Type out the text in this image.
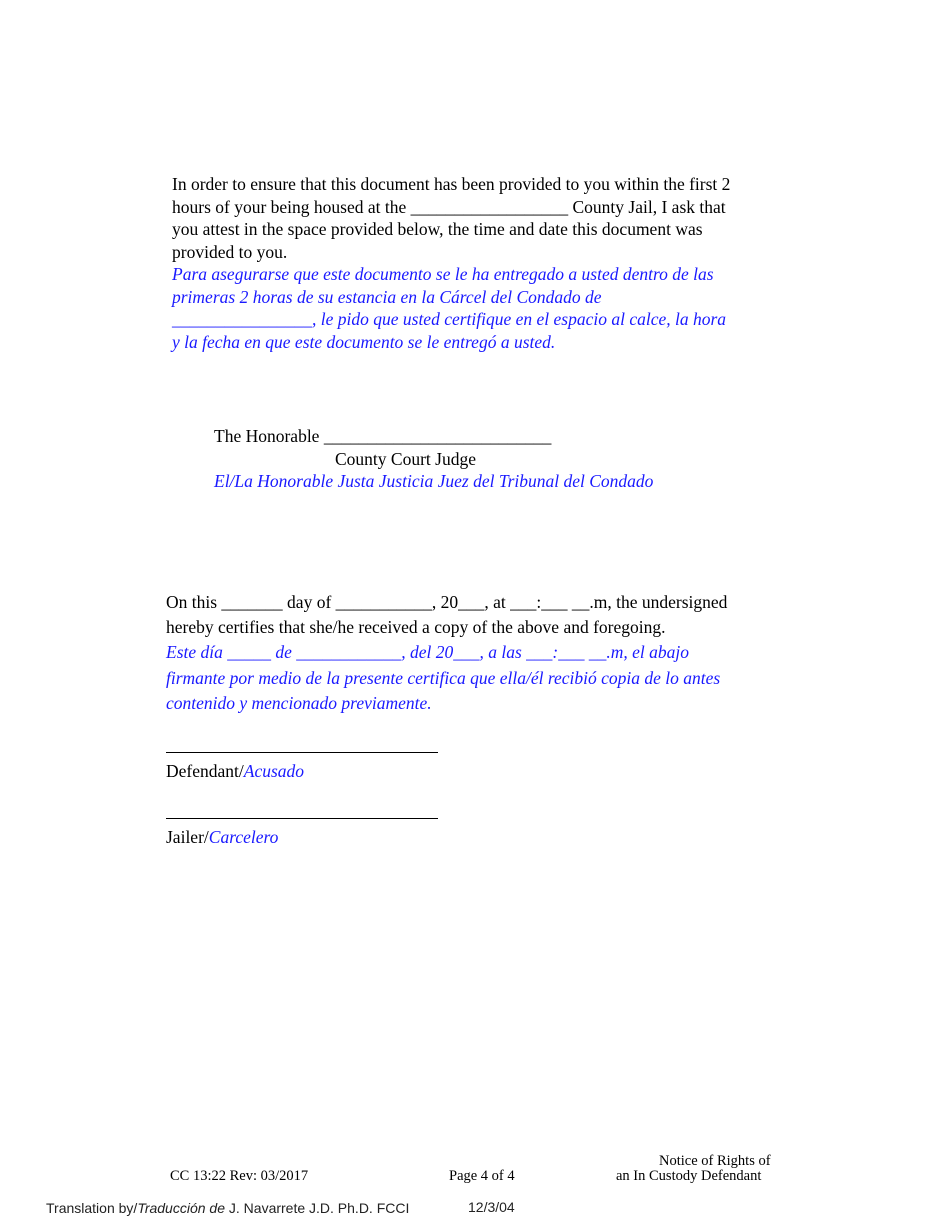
In order to ensure that this document has been provided to you within the first 2
hours of your being housed at the __________________ County Jail, I ask that
you attest in the space provided below, the time and date this document was
provided to you.
Para asegurarse que este documento se le ha entregado a usted dentro de las
primeras 2 horas de su estancia en la Cárcel del Condado de
________________, le pido que usted certifique en el espacio al calce, la hora
y la fecha en que este documento se le entregó a usted.
The Honorable __________________________
County Court Judge
El/La Honorable Justa Justicia Juez del Tribunal del Condado
On this _______ day of ___________, 20___, at ___:___ __.m, the undersigned
hereby certifies that she/he received a copy of the above and foregoing.
Este día _____ de ____________, del 20___, a las ___:___ __.m, el abajo
firmante por medio de la presente certifica que ella/él recibió copia de lo antes
contenido y mencionado previamente.
Defendant/Acusado
Jailer/Carcelero
CC 13:22 Rev: 03/2017	Page 4 of 4
Notice of Rights of
an In Custody Defendant
Translation by/Traducción de J. Navarrete J.D. Ph.D. FCCI	12/3/04
